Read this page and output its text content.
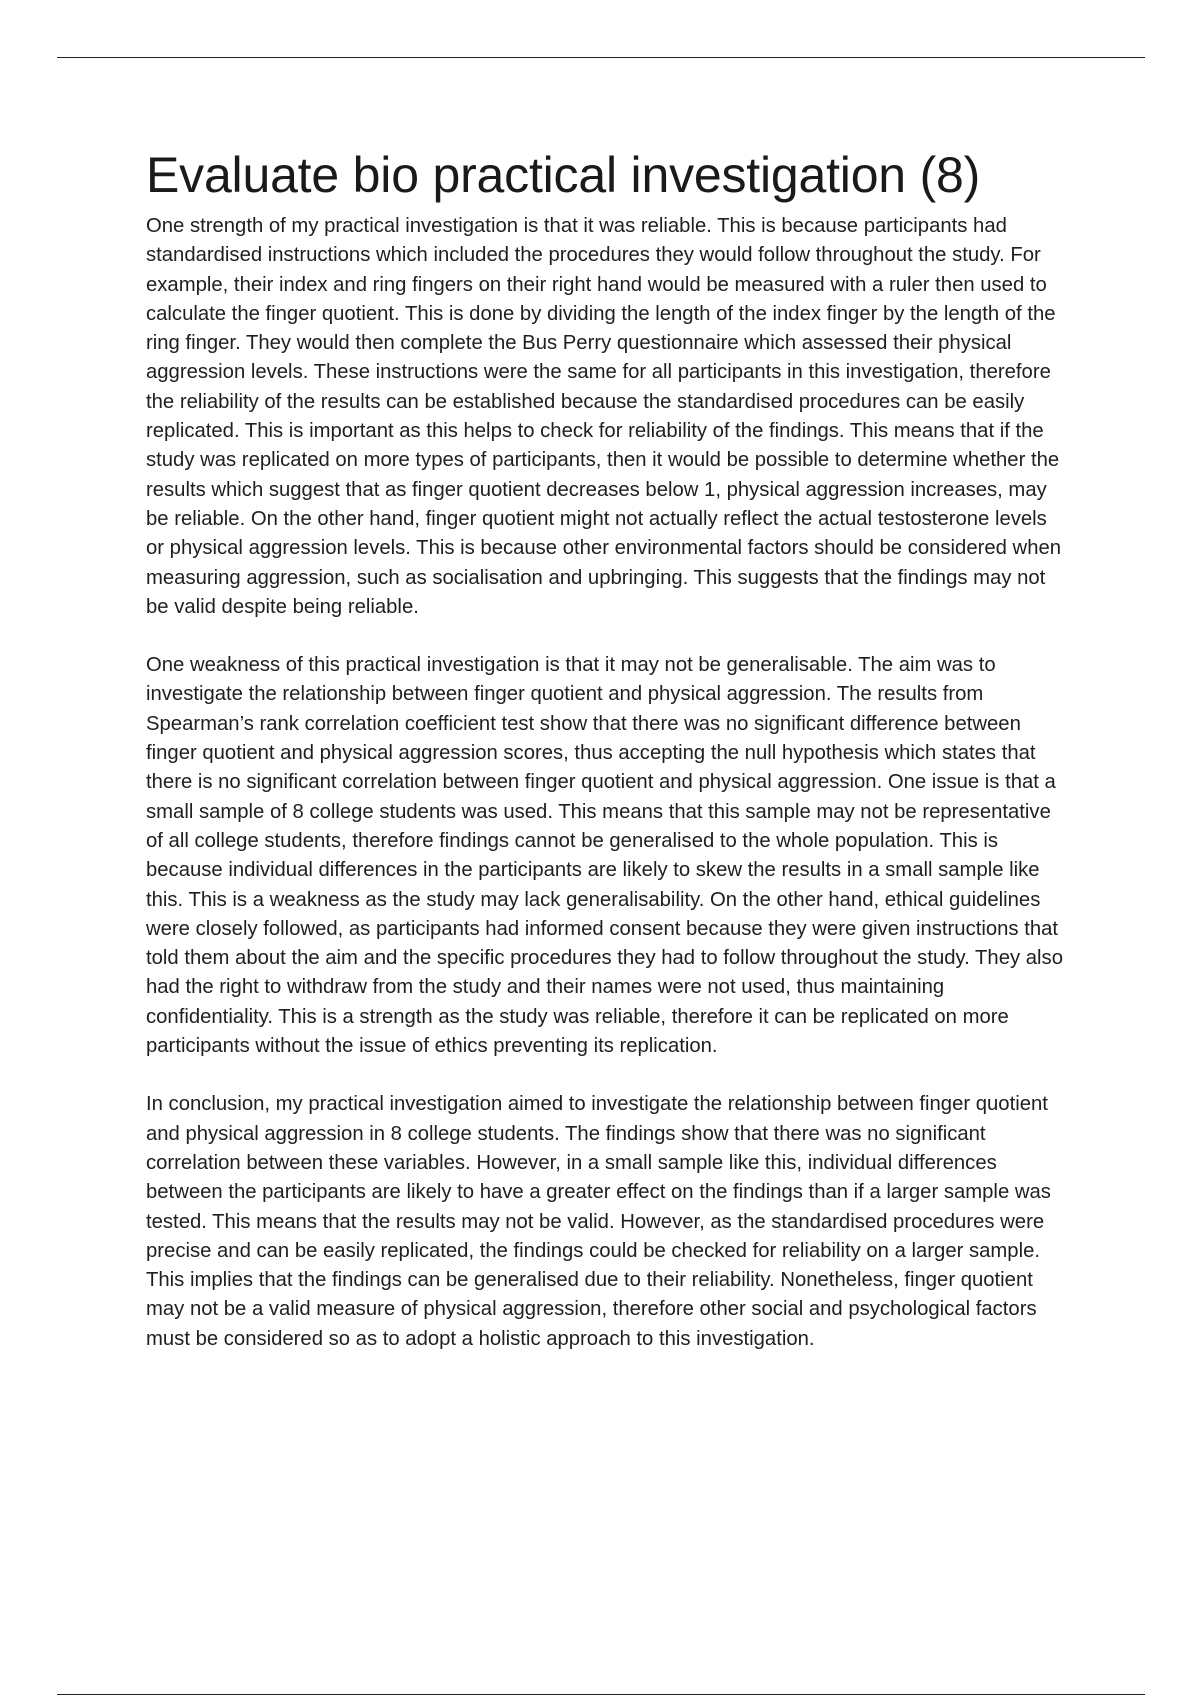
Evaluate bio practical investigation (8)

One strength of my practical investigation is that it was reliable. This is because participants had standardised instructions which included the procedures they would follow throughout the study. For example, their index and ring fingers on their right hand would be measured with a ruler then used to calculate the finger quotient. This is done by dividing the length of the index finger by the length of the ring finger. They would then complete the Bus Perry questionnaire which assessed their physical aggression levels. These instructions were the same for all participants in this investigation, therefore the reliability of the results can be established because the standardised procedures can be easily replicated. This is important as this helps to check for reliability of the findings. This means that if the study was replicated on more types of participants, then it would be possible to determine whether the results which suggest that as finger quotient decreases below 1, physical aggression increases, may be reliable. On the other hand, finger quotient might not actually reflect the actual testosterone levels or physical aggression levels. This is because other environmental factors should be considered when measuring aggression, such as socialisation and upbringing. This suggests that the findings may not be valid despite being reliable.

One weakness of this practical investigation is that it may not be generalisable. The aim was to investigate the relationship between finger quotient and physical aggression. The results from Spearman’s rank correlation coefficient test show that there was no significant difference between finger quotient and physical aggression scores, thus accepting the null hypothesis which states that there is no significant correlation between finger quotient and physical aggression. One issue is that a small sample of 8 college students was used. This means that this sample may not be representative of all college students, therefore findings cannot be generalised to the whole population. This is because individual differences in the participants are likely to skew the results in a small sample like this. This is a weakness as the study may lack generalisability. On the other hand, ethical guidelines were closely followed, as participants had informed consent because they were given instructions that told them about the aim and the specific procedures they had to follow throughout the study. They also had the right to withdraw from the study and their names were not used, thus maintaining confidentiality. This is a strength as the study was reliable, therefore it can be replicated on more participants without the issue of ethics preventing its replication.

In conclusion, my practical investigation aimed to investigate the relationship between finger quotient and physical aggression in 8 college students. The findings show that there was no significant correlation between these variables. However, in a small sample like this, individual differences between the participants are likely to have a greater effect on the findings than if a larger sample was tested. This means that the results may not be valid. However, as the standardised procedures were precise and can be easily replicated, the findings could be checked for reliability on a larger sample. This implies that the findings can be generalised due to their reliability. Nonetheless, finger quotient may not be a valid measure of physical aggression, therefore other social and psychological factors must be considered so as to adopt a holistic approach to this investigation.
